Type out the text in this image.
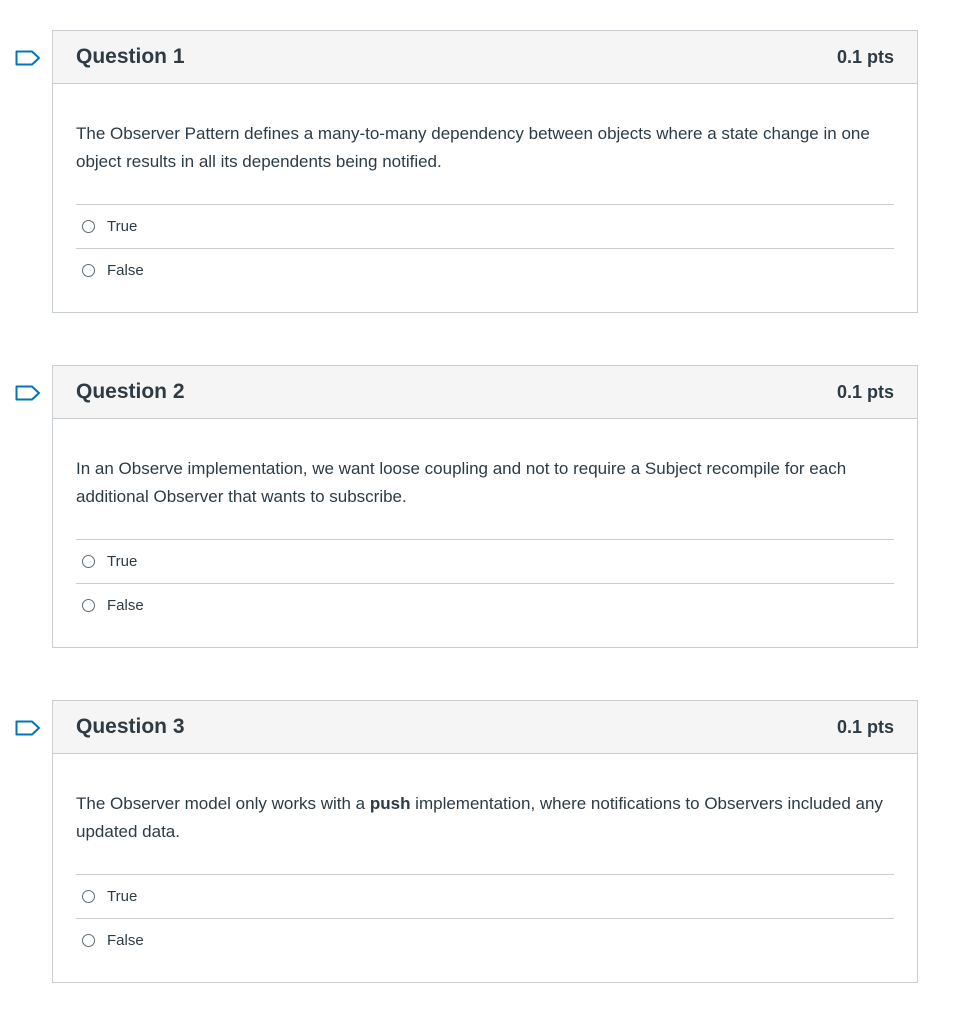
Question 1	0.1 pts

The Observer Pattern defines a many-to-many dependency between objects where a state change in one object results in all its dependents being notified.

True
False
Question 2	0.1 pts

In an Observe implementation, we want loose coupling and not to require a Subject recompile for each additional Observer that wants to subscribe.

True
False
Question 3	0.1 pts

The Observer model only works with a push implementation, where notifications to Observers included any updated data.

True
False
